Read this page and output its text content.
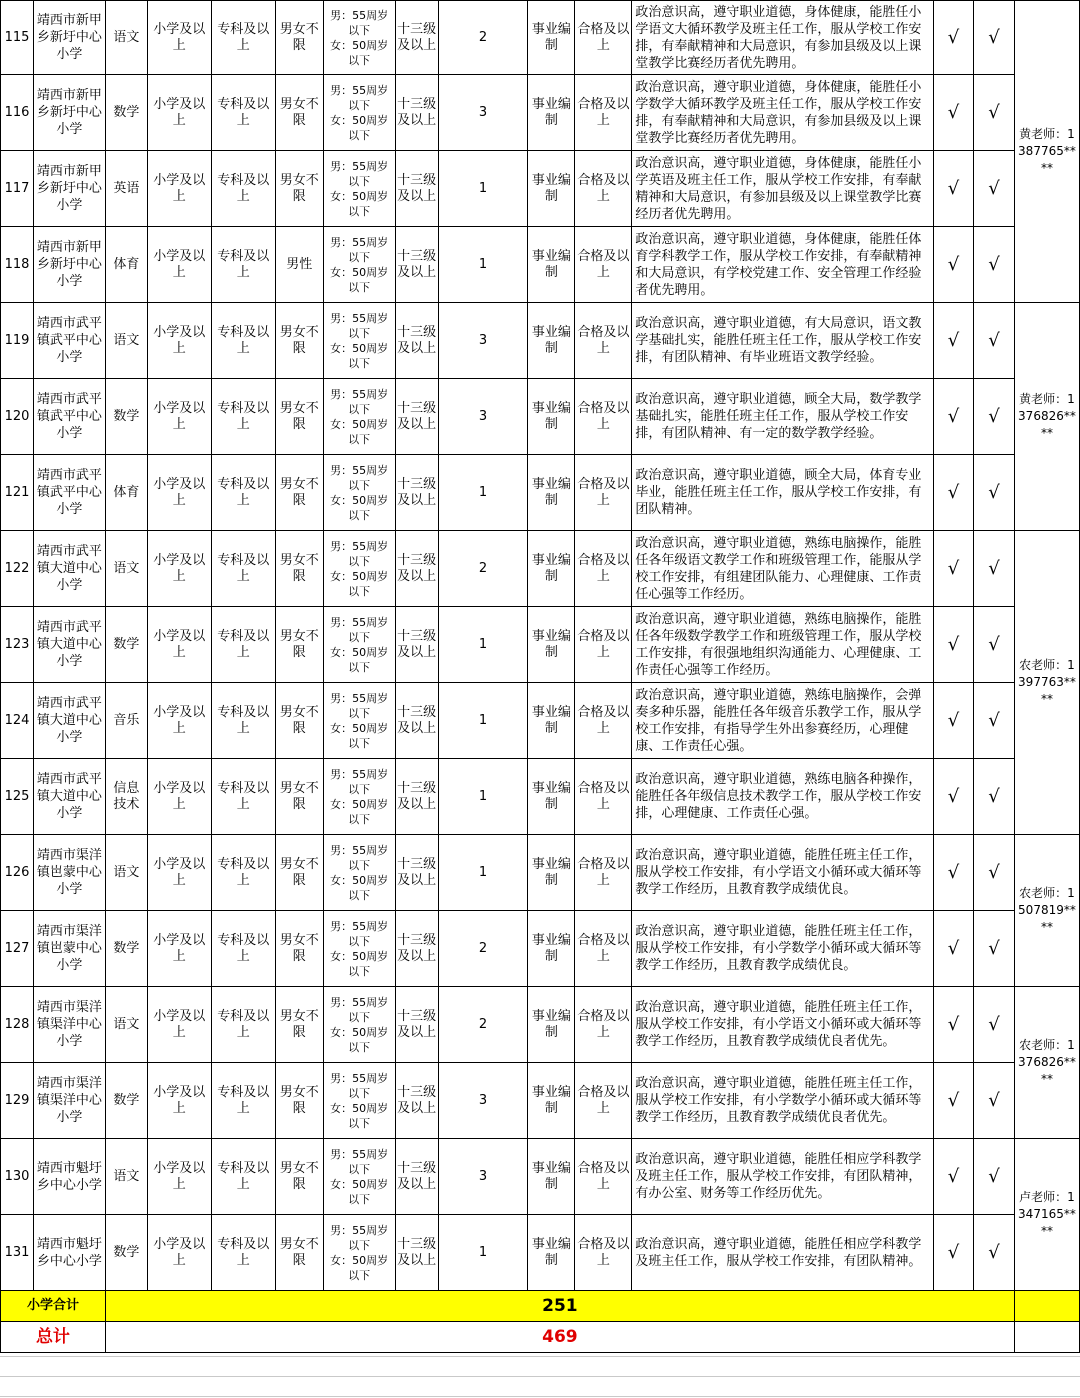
115	靖西市新甲乡新圩中心小学	语文	小学及以上	专科及以上	男女不限	男：55周岁以下
女：50周岁以下	十三级及以上	2	事业编制	合格及以上	政治意识高，遵守职业道德，身体健康，能胜任小学语文大循环教学及班主任工作，服从学校工作安排，有奉献精神和大局意识，有参加县级及以上课堂教学比赛经历者优先聘用。	√	√	黄老师：1387765****
116	靖西市新甲乡新圩中心小学	数学	小学及以上	专科及以上	男女不限	男：55周岁以下
女：50周岁以下	十三级及以上	3	事业编制	合格及以上	政治意识高，遵守职业道德，身体健康，能胜任小学数学大循环教学及班主任工作，服从学校工作安排，有奉献精神和大局意识，有参加县级及以上课堂教学比赛经历者优先聘用。	√	√	
117	靖西市新甲乡新圩中心小学	英语	小学及以上	专科及以上	男女不限	男：55周岁以下
女：50周岁以下	十三级及以上	1	事业编制	合格及以上	政治意识高，遵守职业道德，身体健康，能胜任小学英语及班主任工作，服从学校工作安排，有奉献精神和大局意识，有参加县级及以上课堂教学比赛经历者优先聘用。	√	√	
118	靖西市新甲乡新圩中心小学	体育	小学及以上	专科及以上	男性	男：55周岁以下
女：50周岁以下	十三级及以上	1	事业编制	合格及以上	政治意识高，遵守职业道德，身体健康，能胜任体育学科教学工作，服从学校工作安排，有奉献精神和大局意识，有学校党建工作、安全管理工作经验者优先聘用。	√	√	
119	靖西市武平镇武平中心小学	语文	小学及以上	专科及以上	男女不限	男：55周岁以下
女：50周岁以下	十三级及以上	3	事业编制	合格及以上	政治意识高，遵守职业道德，有大局意识，语文教学基础扎实，能胜任班主任工作，服从学校工作安排，有团队精神、有毕业班语文教学经验。	√	√	黄老师：1376826****
120	靖西市武平镇武平中心小学	数学	小学及以上	专科及以上	男女不限	男：55周岁以下
女：50周岁以下	十三级及以上	3	事业编制	合格及以上	政治意识高，遵守职业道德，顾全大局，数学教学基础扎实，能胜任班主任工作，服从学校工作安排，有团队精神、有一定的数学教学经验。	√	√	
121	靖西市武平镇武平中心小学	体育	小学及以上	专科及以上	男女不限	男：55周岁以下
女：50周岁以下	十三级及以上	1	事业编制	合格及以上	政治意识高，遵守职业道德，顾全大局，体育专业毕业，能胜任班主任工作，服从学校工作安排，有团队精神。	√	√	
122	靖西市武平镇大道中心小学	语文	小学及以上	专科及以上	男女不限	男：55周岁以下
女：50周岁以下	十三级及以上	2	事业编制	合格及以上	政治意识高，遵守职业道德，熟练电脑操作，能胜任各年级语文教学工作和班级管理工作，能服从学校工作安排，有组建团队能力、心理健康、工作责任心强等工作经历。	√	√	农老师：1397763****
123	靖西市武平镇大道中心小学	数学	小学及以上	专科及以上	男女不限	男：55周岁以下
女：50周岁以下	十三级及以上	1	事业编制	合格及以上	政治意识高，遵守职业道德，熟练电脑操作，能胜任各年级数学教学工作和班级管理工作，服从学校工作安排，有很强地组织沟通能力、心理健康、工作责任心强等工作经历。	√	√	
124	靖西市武平镇大道中心小学	音乐	小学及以上	专科及以上	男女不限	男：55周岁以下
女：50周岁以下	十三级及以上	1	事业编制	合格及以上	政治意识高，遵守职业道德，熟练电脑操作，会弹奏多种乐器，能胜任各年级音乐教学工作，服从学校工作安排，有指导学生外出参赛经历，心理健康、工作责任心强。	√	√	
125	靖西市武平镇大道中心小学	信息技术	小学及以上	专科及以上	男女不限	男：55周岁以下
女：50周岁以下	十三级及以上	1	事业编制	合格及以上	政治意识高，遵守职业道德，熟练电脑各种操作，能胜任各年级信息技术教学工作，服从学校工作安排，心理健康、工作责任心强。	√	√	
126	靖西市渠洋镇岜蒙中心小学	语文	小学及以上	专科及以上	男女不限	男：55周岁以下
女：50周岁以下	十三级及以上	1	事业编制	合格及以上	政治意识高，遵守职业道德，能胜任班主任工作，服从学校工作安排，有小学语文小循环或大循环等教学工作经历，且教育教学成绩优良。	√	√	农老师：1507819****
127	靖西市渠洋镇岜蒙中心小学	数学	小学及以上	专科及以上	男女不限	男：55周岁以下
女：50周岁以下	十三级及以上	2	事业编制	合格及以上	政治意识高，遵守职业道德，能胜任班主任工作，服从学校工作安排，有小学数学小循环或大循环等教学工作经历，且教育教学成绩优良。	√	√	
128	靖西市渠洋镇渠洋中心小学	语文	小学及以上	专科及以上	男女不限	男：55周岁以下
女：50周岁以下	十三级及以上	2	事业编制	合格及以上	政治意识高，遵守职业道德，能胜任班主任工作，服从学校工作安排，有小学语文小循环或大循环等教学工作经历，且教育教学成绩优良者优先。	√	√	农老师：1376826****
129	靖西市渠洋镇渠洋中心小学	数学	小学及以上	专科及以上	男女不限	男：55周岁以下
女：50周岁以下	十三级及以上	3	事业编制	合格及以上	政治意识高，遵守职业道德，能胜任班主任工作，服从学校工作安排，有小学数学小循环或大循环等教学工作经历，且教育教学成绩优良者优先。	√	√	
130	靖西市魁圩乡中心小学	语文	小学及以上	专科及以上	男女不限	男：55周岁以下
女：50周岁以下	十三级及以上	3	事业编制	合格及以上	政治意识高，遵守职业道德，能胜任相应学科教学及班主任工作，服从学校工作安排，有团队精神，有办公室、财务等工作经历优先。	√	√	卢老师：1347165****
131	靖西市魁圩乡中心小学	数学	小学及以上	专科及以上	男女不限	男：55周岁以下
女：50周岁以下	十三级及以上	1	事业编制	合格及以上	政治意识高，遵守职业道德，能胜任相应学科教学及班主任工作，服从学校工作安排，有团队精神。	√	√	
小学合计		251												
总计		469												
